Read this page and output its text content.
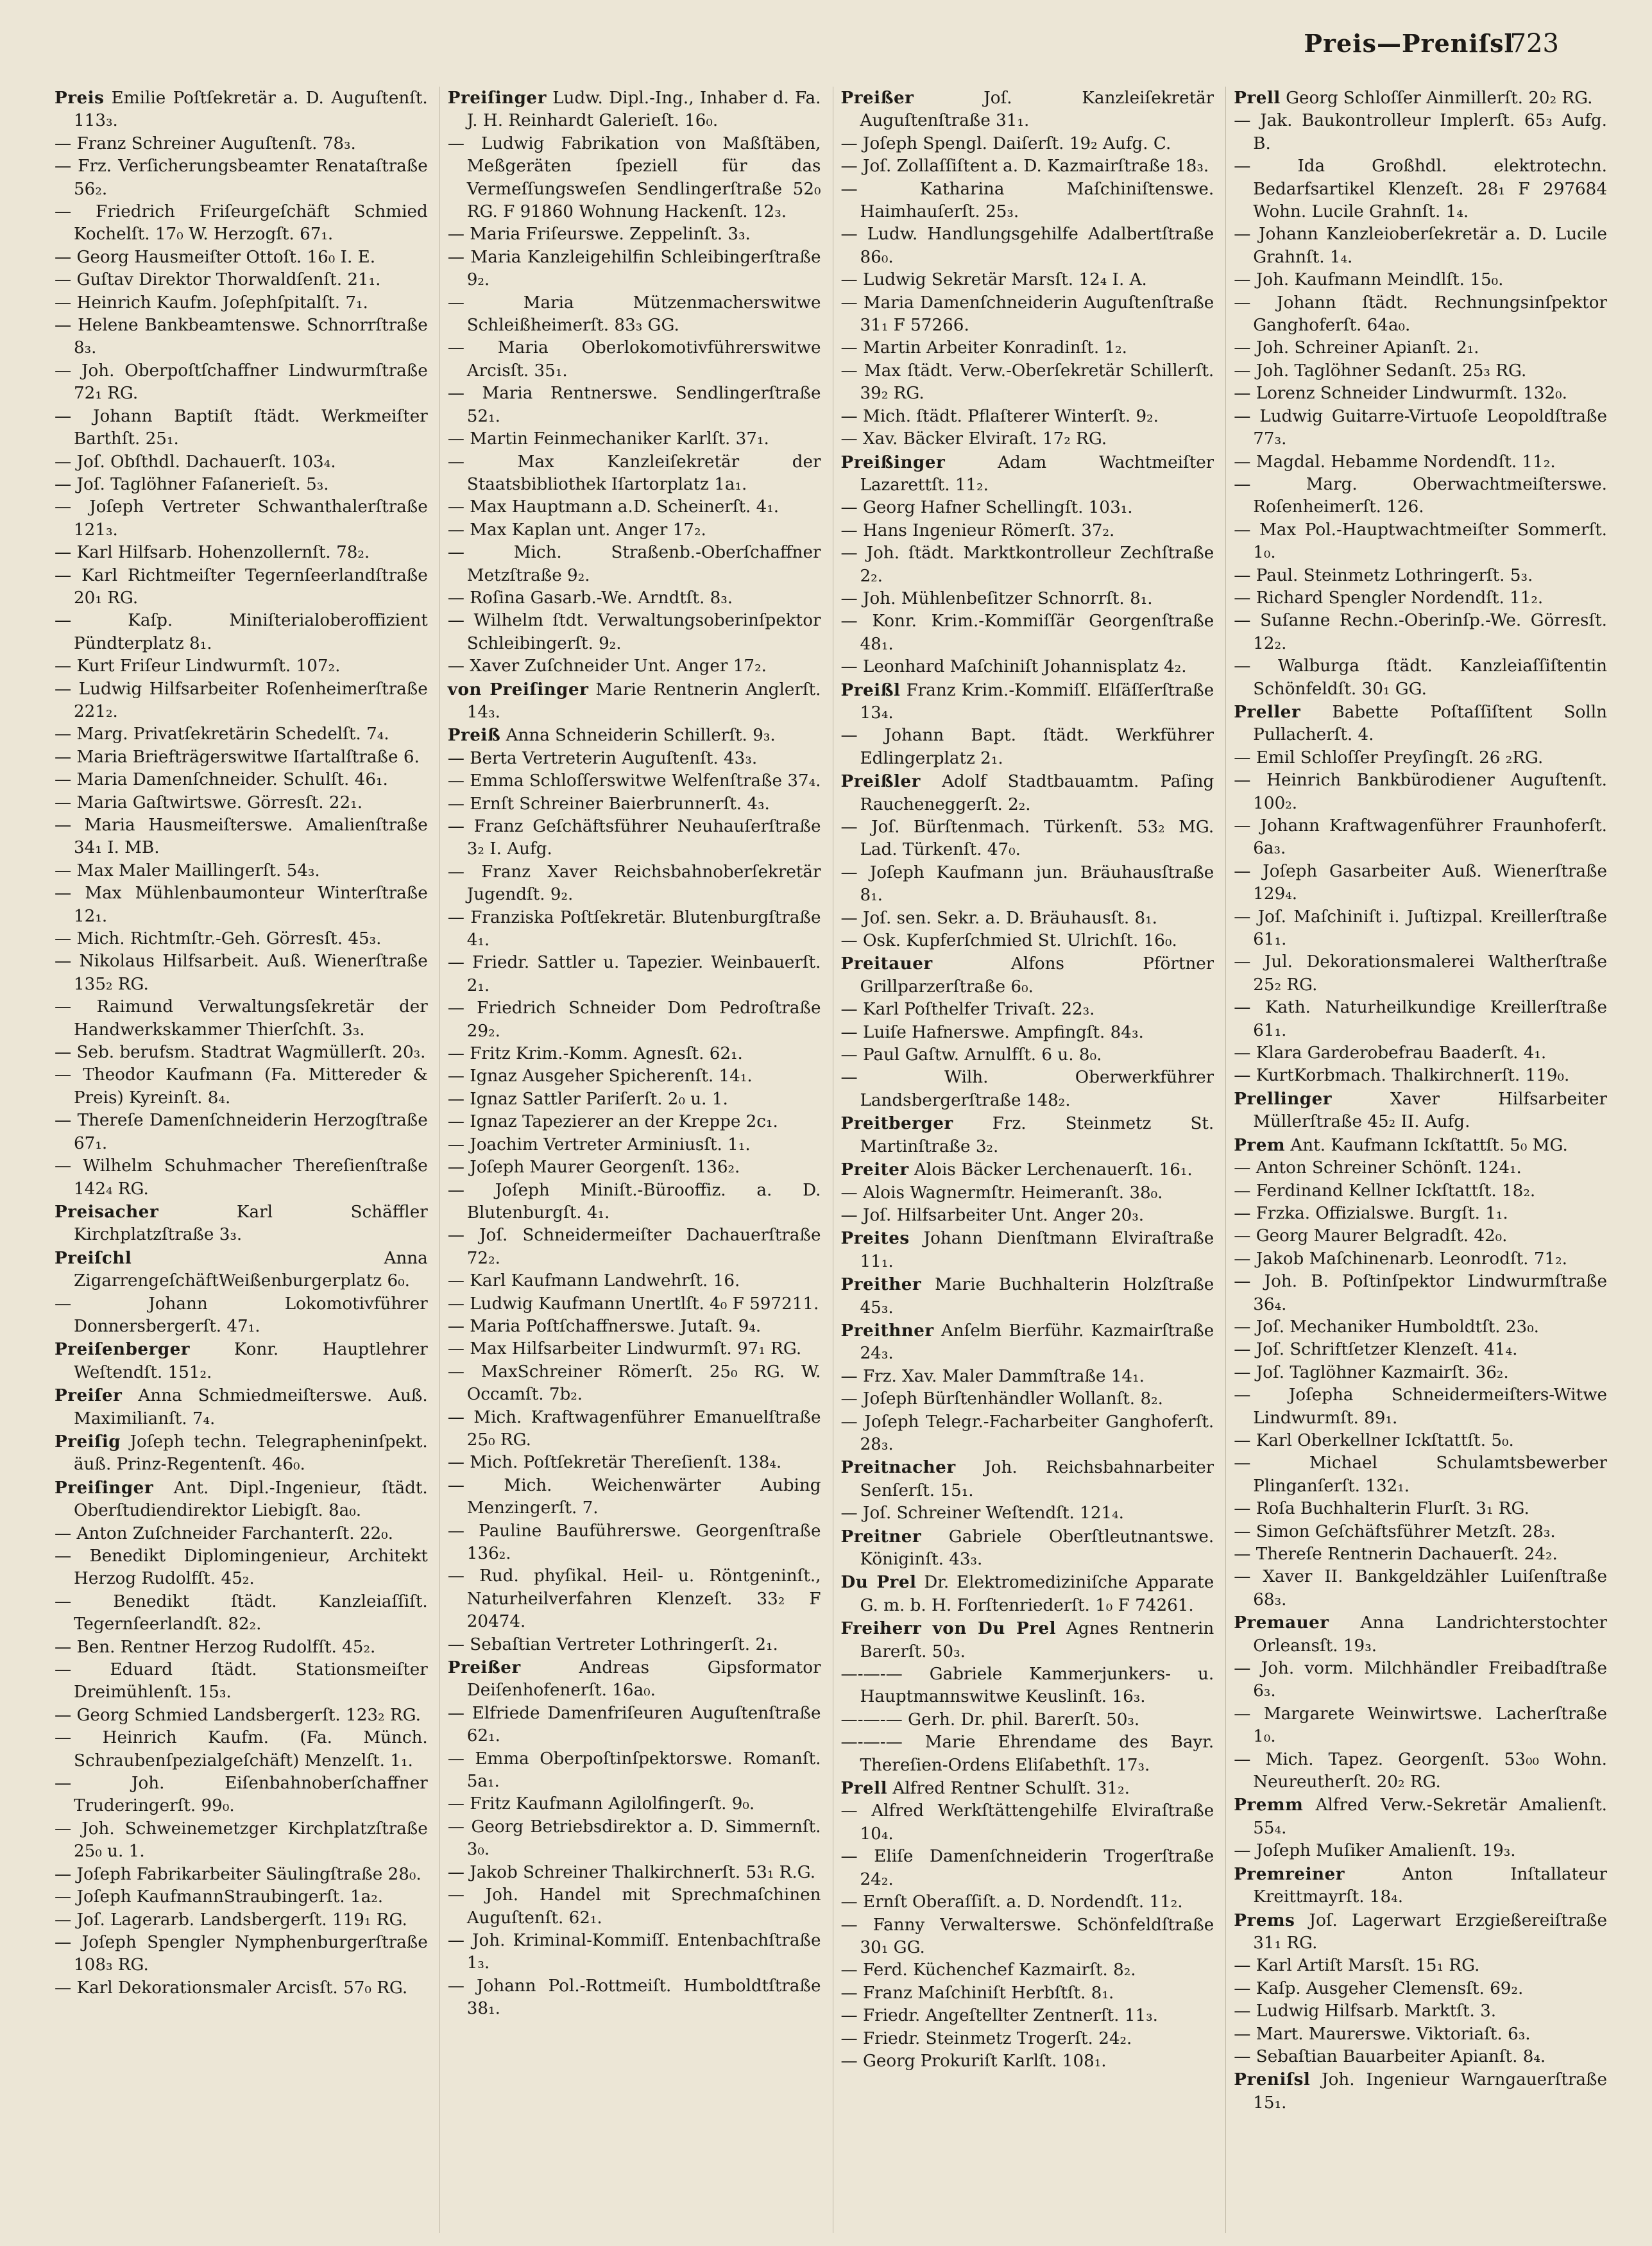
Preis—Preniſsl
723

Preis Emilie Poſtſekretär a. D. Auguſtenſt. 113₃.

— Franz Schreiner Auguſtenſt. 78₃.

— Frz. Verſicherungsbeamter Renataſtraße 56₂.

— Friedrich Friſeurgeſchäft Schmied Kochelſt. 17₀ W. Herzogſt. 67₁.

— Georg Hausmeiſter Ottoſt. 16₀ I. E.

— Guſtav Direktor Thorwaldſenſt. 21₁.

— Heinrich Kaufm. Joſephſpitalſt. 7₁.

— Helene Bankbeamtenswe. Schnorrſtraße 8₃.

— Joh. Oberpoſtſchaffner Lindwurmſtraße 72₁ RG.

— Johann Baptiſt ſtädt. Werkmeiſter Barthſt. 25₁.

— Joſ. Obſthdl. Dachauerſt. 103₄.

— Joſ. Taglöhner Faſanerieſt. 5₃.

— Joſeph Vertreter Schwanthalerſtraße 121₃.

— Karl Hilfsarb. Hohenzollernſt. 78₂.

— Karl Richtmeiſter Tegernſeerlandſtraße 20₁ RG.

— Kaſp. Miniſterialoberoffizient Pündterplatz 8₁.

— Kurt Friſeur Lindwurmſt. 107₂.

— Ludwig Hilfsarbeiter Roſenheimerſtraße 221₂.

— Marg. Privatſekretärin Schedelſt. 7₄.

— Maria Briefträgerswitwe Iſartalſtraße 6.

— Maria Damenſchneider. Schulſt. 46₁.

— Maria Gaſtwirtswe. Görresſt. 22₁.

— Maria Hausmeiſterswe. Amalienſtraße 34₁ I. MB.

— Max Maler Maillingerſt. 54₃.

— Max Mühlenbaumonteur Winterſtraße 12₁.

— Mich. Richtmſtr.-Geh. Görresſt. 45₃.

— Nikolaus Hilfsarbeit. Auß. Wienerſtraße 135₂ RG.

— Raimund Verwaltungsſekretär der Handwerkskammer Thierſchſt. 3₃.

— Seb. berufsm. Stadtrat Wagmüllerſt. 20₃.

— Theodor Kaufmann (Fa. Mittereder & Preis) Kyreinſt. 8₄.

— Thereſe Damenſchneiderin Herzogſtraße 67₁.

— Wilhelm Schuhmacher Thereſienſtraße 142₄ RG.

Preisacher Karl Schäffler Kirchplatzſtraße 3₃.

Preiſchl Anna ZigarrengeſchäftWeißenburgerplatz 6₀.

— Johann Lokomotivführer Donnersbergerſt. 47₁.

Preiſenberger Konr. Hauptlehrer Weſtendſt. 151₂.

Preiſer Anna Schmiedmeiſterswe. Auß. Maximilianſt. 7₄.

Preiſig Joſeph techn. Telegrapheninſpekt. äuß. Prinz-Regentenſt. 46₀.

Preiſinger Ant. Dipl.-Ingenieur, ſtädt. Oberſtudiendirektor Liebigſt. 8a₀.

— Anton Zuſchneider Farchanterſt. 22₀.

— Benedikt Diplomingenieur, Architekt Herzog Rudolfſt. 45₂.

— Benedikt ſtädt. Kanzleiaſſiſt. Tegernſeerlandſt. 82₂.

— Ben. Rentner Herzog Rudolfſt. 45₂.

— Eduard ſtädt. Stationsmeiſter Dreimühlenſt. 15₃.

— Georg Schmied Landsbergerſt. 123₂ RG.

— Heinrich Kaufm. (Fa. Münch. Schraubenſpezialgeſchäft) Menzelſt. 1₁.

— Joh. Eiſenbahnoberſchaffner Truderingerſt. 99₀.

— Joh. Schweinemetzger Kirchplatzſtraße 25₀ u. 1.

— Joſeph Fabrikarbeiter Säulingſtraße 28₀.

— Joſeph KaufmannStraubingerſt. 1a₂.

— Joſ. Lagerarb. Landsbergerſt. 119₁ RG.

— Joſeph Spengler Nymphenburgerſtraße 108₃ RG.

— Karl Dekorationsmaler Arcisſt. 57₀ RG.

Preiſinger Ludw. Dipl.-Ing., Inhaber d. Fa. J. H. Reinhardt Galerieſt. 16₀.

— Ludwig Fabrikation von Maßſtäben, Meßgeräten ſpeziell für das Vermeſſungsweſen Sendlingerſtraße 52₀ RG. F 91860 Wohnung Hackenſt. 12₃.

— Maria Friſeurswe. Zeppelinſt. 3₃.

— Maria Kanzleigehilfin Schleibingerſtraße 9₂.

— Maria Mützenmacherswitwe Schleißheimerſt. 83₃ GG.

— Maria Oberlokomotivführerswitwe Arcisſt. 35₁.

— Maria Rentnerswe. Sendlingerſtraße 52₁.

— Martin Feinmechaniker Karlſt. 37₁.

— Max Kanzleiſekretär der Staatsbibliothek Iſartorplatz 1a₁.

— Max Hauptmann a.D. Scheinerſt. 4₁.

— Max Kaplan unt. Anger 17₂.

— Mich. Straßenb.-Oberſchaffner Metzſtraße 9₂.

— Roſina Gasarb.-We. Arndtſt. 8₃.

— Wilhelm ſtdt. Verwaltungsoberinſpektor Schleibingerſt. 9₂.

— Xaver Zuſchneider Unt. Anger 17₂.

von Preiſinger Marie Rentnerin Anglerſt. 14₃.

Preiß Anna Schneiderin Schillerſt. 9₃.

— Berta Vertreterin Auguſtenſt. 43₃.

— Emma Schloſſerswitwe Welfenſtraße 37₄.

— Ernſt Schreiner Baierbrunnerſt. 4₃.

— Franz Geſchäftsführer Neuhauſerſtraße 3₂ I. Aufg.

— Franz Xaver Reichsbahnoberſekretär Jugendſt. 9₂.

— Franziska Poſtſekretär. Blutenburgſtraße 4₁.

— Friedr. Sattler u. Tapezier. Weinbauerſt. 2₁.

— Friedrich Schneider Dom Pedroſtraße 29₂.

— Fritz Krim.-Komm. Agnesſt. 62₁.

— Ignaz Ausgeher Spicherenſt. 14₁.

— Ignaz Sattler Pariſerſt. 2₀ u. 1.

— Ignaz Tapezierer an der Kreppe 2c₁.

— Joachim Vertreter Arminiusſt. 1₁.

— Joſeph Maurer Georgenſt. 136₂.

— Joſeph Miniſt.-Bürooffiz. a. D. Blutenburgſt. 4₁.

— Joſ. Schneidermeiſter Dachauerſtraße 72₂.

— Karl Kaufmann Landwehrſt. 16.

— Ludwig Kaufmann Unertlſt. 4₀ F 597211.

— Maria Poſtſchaffnerswe. Jutaſt. 9₄.

— Max Hilfsarbeiter Lindwurmſt. 97₁ RG.

— MaxSchreiner Römerſt. 25₀ RG. W. Occamſt. 7b₂.

— Mich. Kraftwagenführer Emanuelſtraße 25₀ RG.

— Mich. Poſtſekretär Thereſienſt. 138₄.

— Mich. Weichenwärter Aubing Menzingerſt. 7.

— Pauline Bauführerswe. Georgenſtraße 136₂.

— Rud. phyſikal. Heil- u. Röntgeninſt., Naturheilverfahren Klenzeſt. 33₂ F 20474.

— Sebaſtian Vertreter Lothringerſt. 2₁.

Preißer Andreas Gipsformator Deiſenhofenerſt. 16a₀.

— Elfriede Damenfriſeuren Auguſtenſtraße 62₁.

— Emma Oberpoſtinſpektorswe. Romanſt. 5a₁.

— Fritz Kaufmann Agilolfingerſt. 9₀.

— Georg Betriebsdirektor a. D. Simmernſt. 3₀.

— Jakob Schreiner Thalkirchnerſt. 53₁ R.G.

— Joh. Handel mit Sprechmaſchinen Auguſtenſt. 62₁.

— Joh. Kriminal-Kommiſſ. Entenbachſtraße 1₃.

— Johann Pol.-Rottmeiſt. Humboldtſtraße 38₁.

Preißer Joſ. Kanzleiſekretär Auguſtenſtraße 31₁.

— Joſeph Spengl. Daiſerſt. 19₂ Aufg. C.

— Joſ. Zollaſſiſtent a. D. Kazmairſtraße 18₃.

— Katharina Maſchiniſtenswe. Haimhauſerſt. 25₃.

— Ludw. Handlungsgehilfe Adalbertſtraße 86₀.

— Ludwig Sekretär Marsſt. 12₄ I. A.

— Maria Damenſchneiderin Auguſtenſtraße 31₁ F 57266.

— Martin Arbeiter Konradinſt. 1₂.

— Max ſtädt. Verw.-Oberſekretär Schillerſt. 39₂ RG.

— Mich. ſtädt. Pflaſterer Winterſt. 9₂.

— Xav. Bäcker Elviraſt. 17₂ RG.

Preißinger Adam Wachtmeiſter Lazarettſt. 11₂.

— Georg Hafner Schellingſt. 103₁.

— Hans Ingenieur Römerſt. 37₂.

— Joh. ſtädt. Marktkontrolleur Zechſtraße 2₂.

— Joh. Mühlenbeſitzer Schnorrſt. 8₁.

— Konr. Krim.-Kommiſſär Georgenſtraße 48₁.

— Leonhard Maſchiniſt Johannisplatz 4₂.

Preißl Franz Krim.-Kommiſſ. Elſäſſerſtraße 13₄.

— Johann Bapt. ſtädt. Werkführer Edlingerplatz 2₁.

Preißler Adolf Stadtbauamtm. Paſing Raucheneggerſt. 2₂.

— Joſ. Bürſtenmach. Türkenſt. 53₂ MG. Lad. Türkenſt. 47₀.

— Joſeph Kaufmann jun. Bräuhausſtraße 8₁.

— Joſ. sen. Sekr. a. D. Bräuhausſt. 8₁.

— Osk. Kupferſchmied St. Ulrichſt. 16₀.

Preitauer Alfons Pförtner Grillparzerſtraße 6₀.

— Karl Poſthelfer Trivaſt. 22₃.

— Luiſe Hafnerswe. Ampfingſt. 84₃.

— Paul Gaſtw. Arnulfſt. 6 u. 8₀.

— Wilh. Oberwerkführer Landsbergerſtraße 148₂.

Preitberger Frz. Steinmetz St. Martinſtraße 3₂.

Preiter Alois Bäcker Lerchenauerſt. 16₁.

— Alois Wagnermſtr. Heimeranſt. 38₀.

— Joſ. Hilfsarbeiter Unt. Anger 20₃.

Preites Johann Dienſtmann Elviraſtraße 11₁.

Preither Marie Buchhalterin Holzſtraße 45₃.

Preithner Anſelm Bierführ. Kazmairſtraße 24₃.

— Frz. Xav. Maler Dammſtraße 14₁.

— Joſeph Bürſtenhändler Wollanſt. 8₂.

— Joſeph Telegr.-Facharbeiter Ganghoferſt. 28₃.

Preitnacher Joh. Reichsbahnarbeiter Senſerſt. 15₁.

— Joſ. Schreiner Weſtendſt. 121₄.

Preitner Gabriele Oberſtleutnantswe. Königinſt. 43₃.

Du Prel Dr. Elektromediziniſche Apparate G. m. b. H. Forſtenriederſt. 1₀ F 74261.

Freiherr von Du Prel Agnes Rentnerin Barerſt. 50₃.

—-—-— Gabriele Kammerjunkers- u. Hauptmannswitwe Keuslinſt. 16₃.

—-—-— Gerh. Dr. phil. Barerſt. 50₃.

—-—-— Marie Ehrendame des Bayr. Thereſien-Ordens Eliſabethſt. 17₃.

Prell Alfred Rentner Schulſt. 31₂.

— Alfred Werkſtättengehilfe Elviraſtraße 10₄.

— Eliſe Damenſchneiderin Trogerſtraße 24₂.

— Ernſt Oberaſſiſt. a. D. Nordendſt. 11₂.

— Fanny Verwalterswe. Schönfeldſtraße 30₁ GG.

— Ferd. Küchenchef Kazmairſt. 8₂.

— Franz Maſchiniſt Herbſtſt. 8₁.

— Friedr. Angeſtellter Zentnerſt. 11₃.

— Friedr. Steinmetz Trogerſt. 24₂.

— Georg Prokuriſt Karlſt. 108₁.

Prell Georg Schloſſer Ainmillerſt. 20₂ RG.

— Jak. Baukontrolleur Implerſt. 65₃ Aufg. B.

— Ida Großhdl. elektrotechn. Bedarfsartikel Klenzeſt. 28₁ F 297684 Wohn. Lucile Grahnſt. 1₄.

— Johann Kanzleioberſekretär a. D. Lucile Grahnſt. 1₄.

— Joh. Kaufmann Meindlſt. 15₀.

— Johann ſtädt. Rechnungsinſpektor Ganghoferſt. 64a₀.

— Joh. Schreiner Apianſt. 2₁.

— Joh. Taglöhner Sedanſt. 25₃ RG.

— Lorenz Schneider Lindwurmſt. 132₀.

— Ludwig Guitarre-Virtuoſe Leopoldſtraße 77₃.

— Magdal. Hebamme Nordendſt. 11₂.

— Marg. Oberwachtmeiſterswe. Roſenheimerſt. 126.

— Max Pol.-Hauptwachtmeiſter Sommerſt. 1₀.

— Paul. Steinmetz Lothringerſt. 5₃.

— Richard Spengler Nordendſt. 11₂.

— Suſanne Rechn.-Oberinſp.-We. Görresſt. 12₂.

— Walburga ſtädt. Kanzleiaſſiſtentin Schönfeldſt. 30₁ GG.

Preller Babette Poſtaſſiſtent Solln Pullacherſt. 4.

— Emil Schloſſer Preyſingſt. 26 ₂RG.

— Heinrich Bankbürodiener Auguſtenſt. 100₂.

— Johann Kraftwagenführer Fraunhoferſt. 6a₃.

— Joſeph Gasarbeiter Auß. Wienerſtraße 129₄.

— Joſ. Maſchiniſt i. Juſtizpal. Kreillerſtraße 61₁.

— Jul. Dekorationsmalerei Waltherſtraße 25₂ RG.

— Kath. Naturheilkundige Kreillerſtraße 61₁.

— Klara Garderobefrau Baaderſt. 4₁.

— KurtKorbmach. Thalkirchnerſt. 119₀.

Prellinger Xaver Hilfsarbeiter Müllerſtraße 45₂ II. Aufg.

Prem Ant. Kaufmann Ickſtattſt. 5₀ MG.

— Anton Schreiner Schönſt. 124₁.

— Ferdinand Kellner Ickſtattſt. 18₂.

— Frzka. Offizialswe. Burgſt. 1₁.

— Georg Maurer Belgradſt. 42₀.

— Jakob Maſchinenarb. Leonrodſt. 71₂.

— Joh. B. Poſtinſpektor Lindwurmſtraße 36₄.

— Joſ. Mechaniker Humboldtſt. 23₀.

— Joſ. Schriftſetzer Klenzeſt. 41₄.

— Joſ. Taglöhner Kazmairſt. 36₂.

— Joſepha Schneidermeiſters-Witwe Lindwurmſt. 89₁.

— Karl Oberkellner Ickſtattſt. 5₀.

— Michael Schulamtsbewerber Plinganſerſt. 132₁.

— Roſa Buchhalterin Flurſt. 3₁ RG.

— Simon Geſchäftsführer Metzſt. 28₃.

— Thereſe Rentnerin Dachauerſt. 24₂.

— Xaver II. Bankgeldzähler Luiſenſtraße 68₃.

Premauer Anna Landrichterstochter Orleansſt. 19₃.

— Joh. vorm. Milchhändler Freibadſtraße 6₃.

— Margarete Weinwirtswe. Lacherſtraße 1₀.

— Mich. Tapez. Georgenſt. 53₀₀ Wohn. Neureutherſt. 20₂ RG.

Premm Alfred Verw.-Sekretär Amalienſt. 55₄.

— Joſeph Muſiker Amalienſt. 19₃.

Premreiner Anton Inſtallateur Kreittmayrſt. 18₄.

Prems Joſ. Lagerwart Erzgießereiſtraße 31₁ RG.

— Karl Artiſt Marsſt. 15₁ RG.

— Kaſp. Ausgeher Clemensſt. 69₂.

— Ludwig Hilfsarb. Marktſt. 3.

— Mart. Maurerswe. Viktoriaſt. 6₃.

— Sebaſtian Bauarbeiter Apianſt. 8₄.

Preniſsl Joh. Ingenieur Warngauerſtraße 15₁.
